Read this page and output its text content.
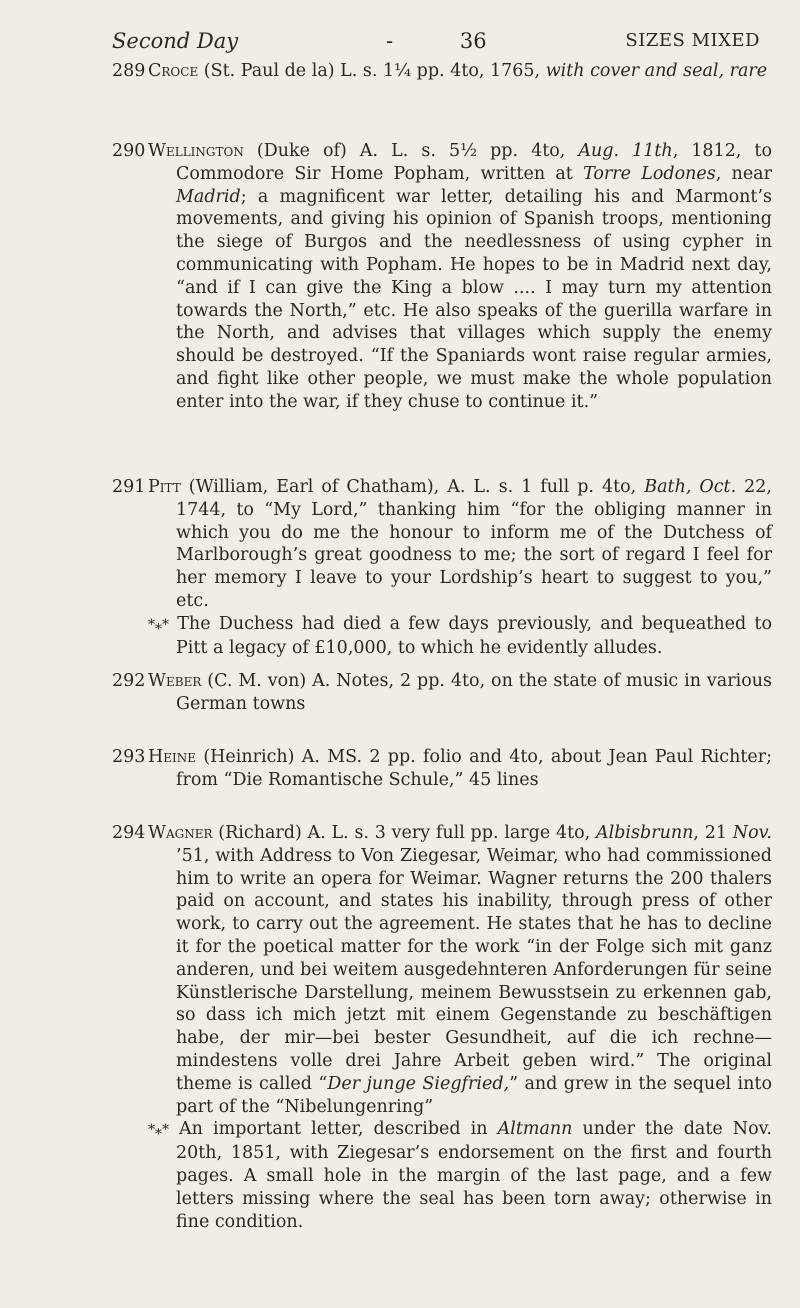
Second Day	-	36	SIZES MIXED
289 Croce (St. Paul de la) L. s. 1¼ pp. 4to, 1765, with cover and seal, rare
290 Wellington (Duke of) A. L. s. 5½ pp. 4to, Aug. 11th, 1812, to Commodore Sir Home Popham, written at Torre Lodones, near Madrid; a magnificent war letter, detailing his and Marmont’s movements, and giving his opinion of Spanish troops, mentioning the siege of Burgos and the needlessness of using cypher in communicating with Popham. He hopes to be in Madrid next day, “and if I can give the King a blow .... I may turn my attention towards the North,” etc. He also speaks of the guerilla warfare in the North, and advises that villages which supply the enemy should be destroyed. “If the Spaniards wont raise regular armies, and fight like other people, we must make the whole population enter into the war, if they chuse to continue it.”
291 Pitt (William, Earl of Chatham), A. L. s. 1 full p. 4to, Bath, Oct. 22, 1744, to “My Lord,” thanking him “for the obliging manner in which you do me the honour to inform me of the Dutchess of Marlborough’s great goodness to me; the sort of regard I feel for her memory I leave to your Lordship’s heart to suggest to you,” etc.
*⁎* The Duchess had died a few days previously, and bequeathed to Pitt a legacy of £10,000, to which he evidently alludes.
292 Weber (C. M. von) A. Notes, 2 pp. 4to, on the state of music in various German towns
293 Heine (Heinrich) A. MS. 2 pp. folio and 4to, about Jean Paul Richter; from “Die Romantische Schule,” 45 lines
294 Wagner (Richard) A. L. s. 3 very full pp. large 4to, Albisbrunn, 21 Nov. ’51, with Address to Von Ziegesar, Weimar, who had commissioned him to write an opera for Weimar. Wagner returns the 200 thalers paid on account, and states his inability, through press of other work, to carry out the agreement. He states that he has to decline it for the poetical matter for the work “in der Folge sich mit ganz anderen, und bei weitem ausgedehnteren Anforderungen für seine Künstlerische Darstellung, meinem Bewusstsein zu erkennen gab, so dass ich mich jetzt mit einem Gegenstande zu beschäftigen habe, der mir—bei bester Gesundheit, auf die ich rechne—mindestens volle drei Jahre Arbeit geben wird.” The original theme is called “Der junge Siegfried,” and grew in the sequel into part of the “Nibelungenring”
*⁎* An important letter, described in Altmann under the date Nov. 20th, 1851, with Ziegesar’s endorsement on the first and fourth pages. A small hole in the margin of the last page, and a few letters missing where the seal has been torn away; otherwise in fine condition.
